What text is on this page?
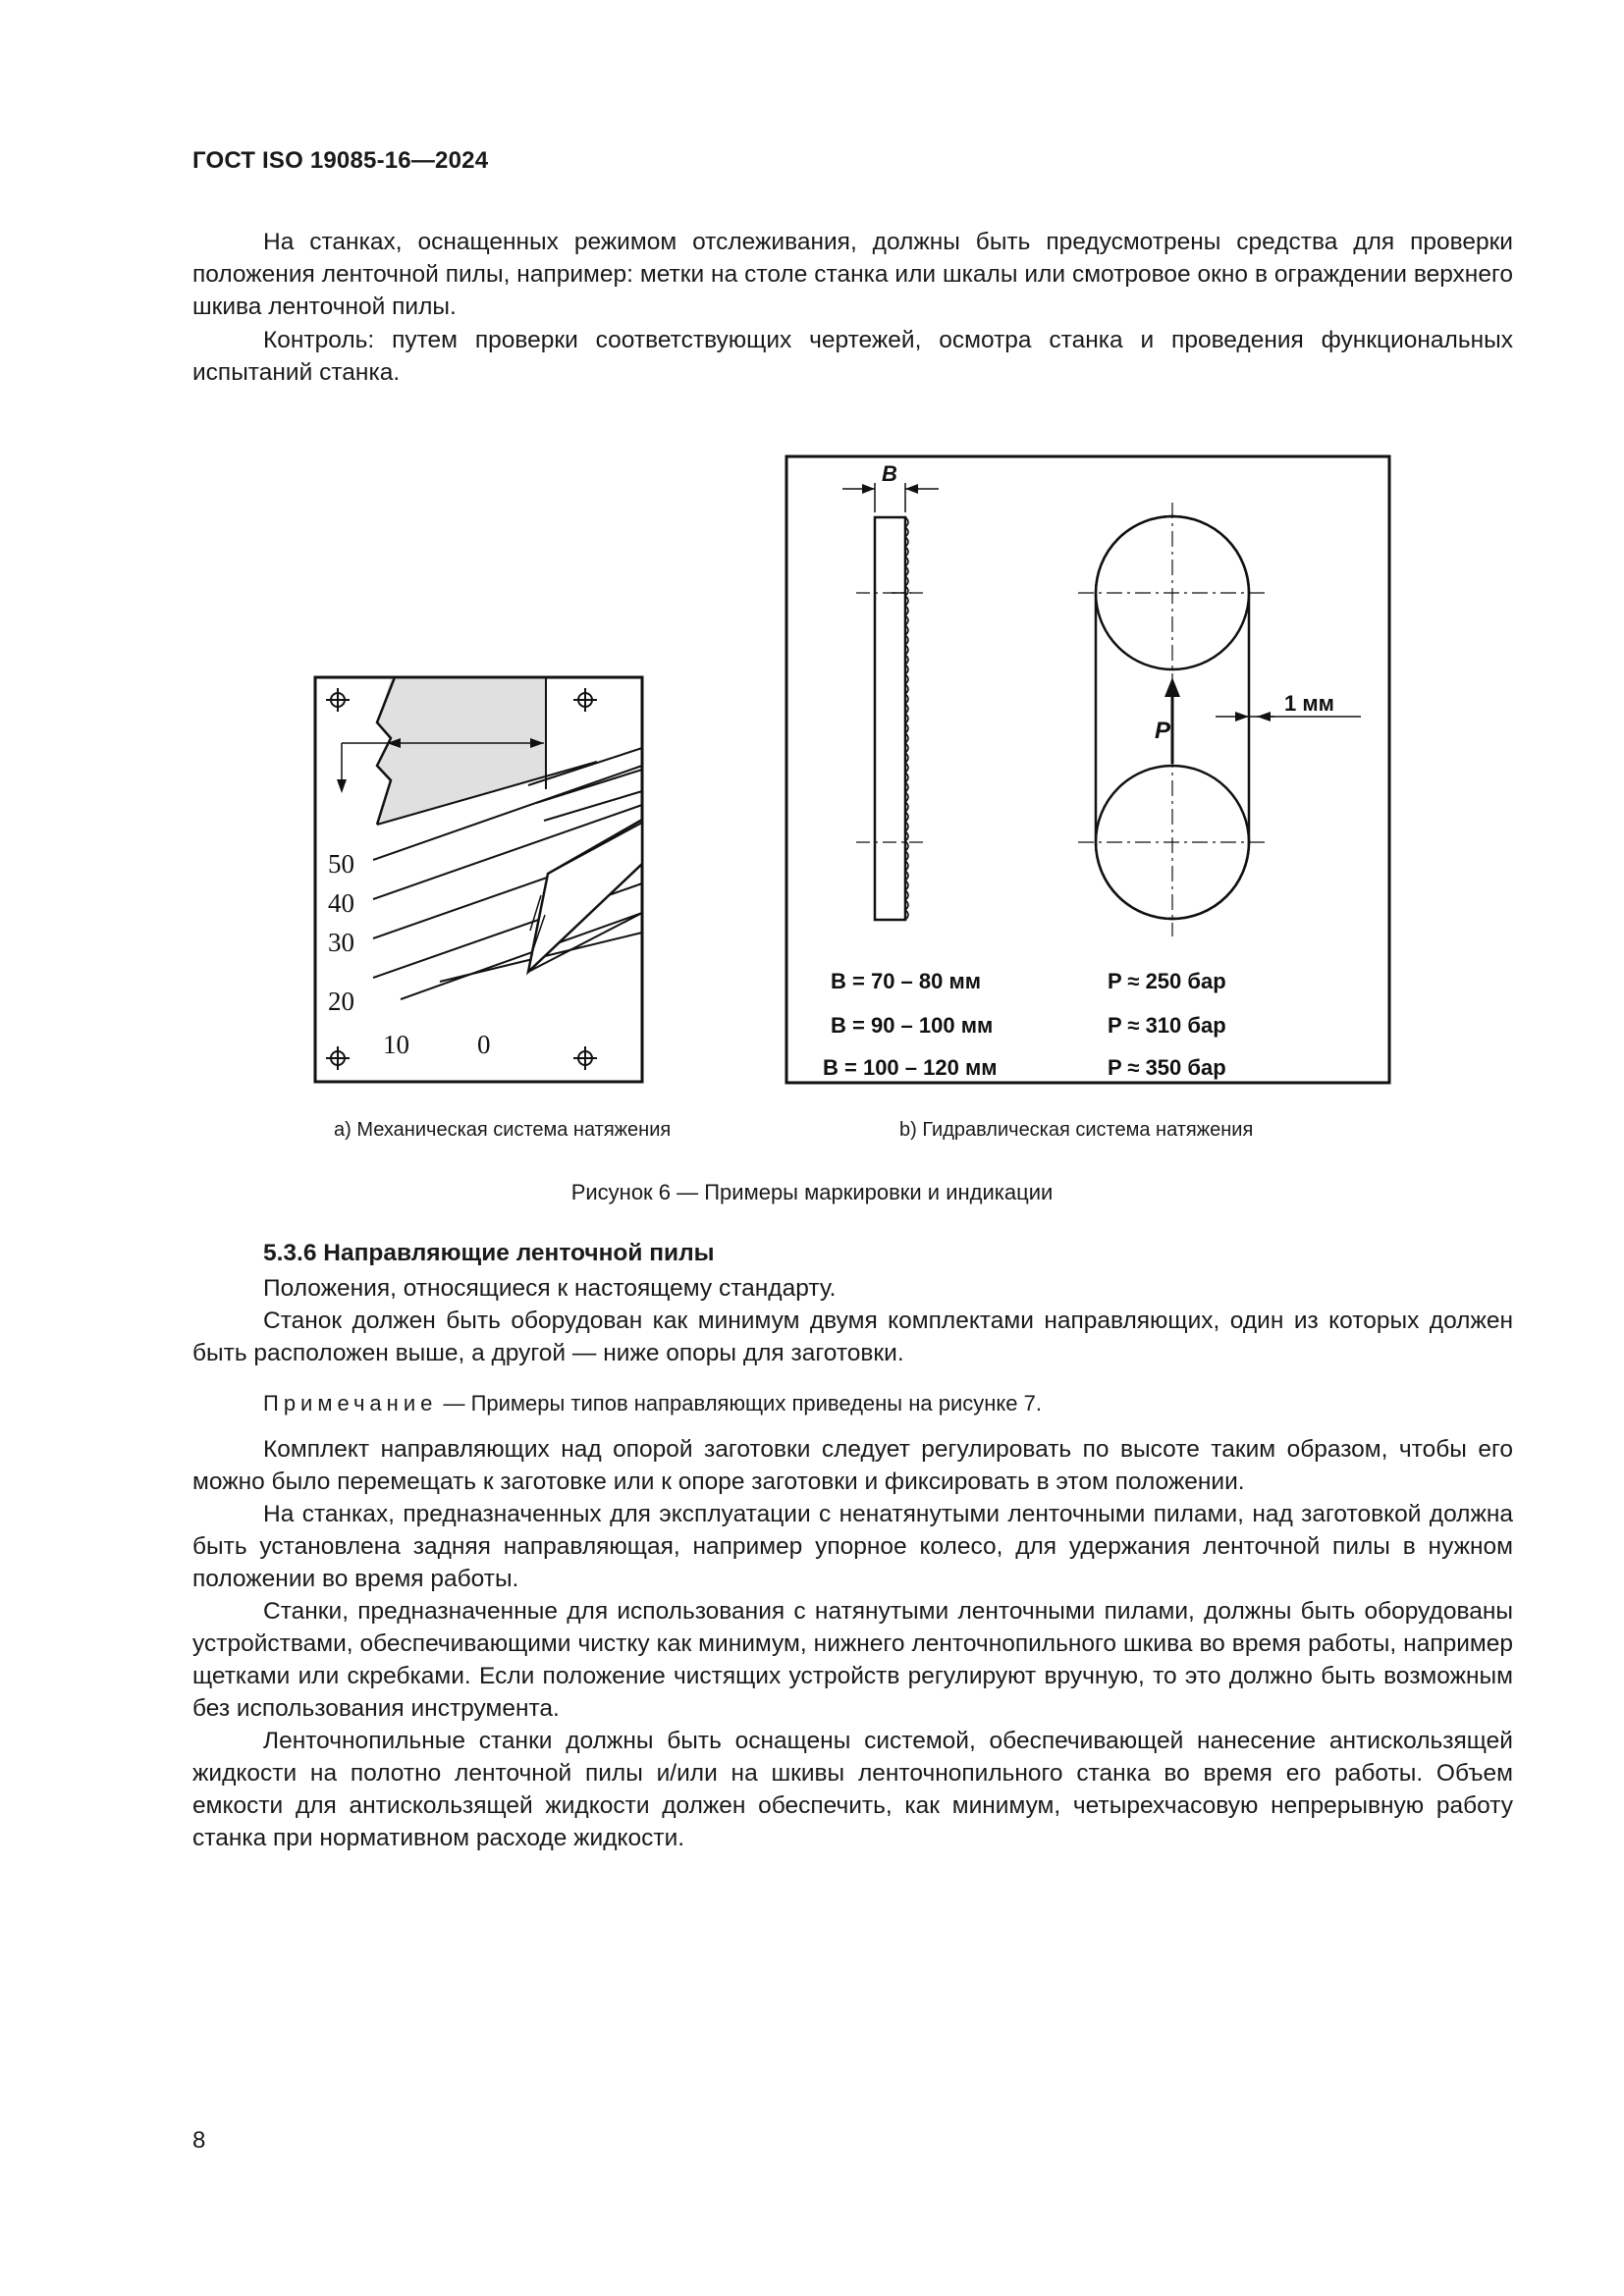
ГОСТ ISO 19085-16—2024

На станках, оснащенных режимом отслеживания, должны быть предусмотрены средства для проверки положения ленточной пилы, например: метки на столе станка или шкалы или смотровое окно в ограждении верхнего шкива ленточной пилы.

Контроль: путем проверки соответствующих чертежей, осмотра станка и проведения функциональных испытаний станка.

50
40
30
20
10	0
B
P
1 мм
B = 70 – 80 мм
B = 90 – 100 мм
B = 100 – 120 мм
P ≈ 250 бар
P ≈ 310 бар
P ≈ 350 бар
а) Механическая система натяжения	b) Гидравлическая система натяжения
Рисунок 6 — Примеры маркировки и индикации
5.3.6 Направляющие ленточной пилы

Положения, относящиеся к настоящему стандарту.

Станок должен быть оборудован как минимум двумя комплектами направляющих, один из которых должен быть расположен выше, а другой — ниже опоры для заготовки.

Примечание — Примеры типов направляющих приведены на рисунке 7.

Комплект направляющих над опорой заготовки следует регулировать по высоте таким образом, чтобы его можно было перемещать к заготовке или к опоре заготовки и фиксировать в этом положении.

На станках, предназначенных для эксплуатации с ненатянутыми ленточными пилами, над заготовкой должна быть установлена задняя направляющая, например упорное колесо, для удержания ленточной пилы в нужном положении во время работы.

Станки, предназначенные для использования с натянутыми ленточными пилами, должны быть оборудованы устройствами, обеспечивающими чистку как минимум, нижнего ленточнопильного шкива во время работы, например щетками или скребками. Если положение чистящих устройств регулируют вручную, то это должно быть возможным без использования инструмента.

Ленточнопильные станки должны быть оснащены системой, обеспечивающей нанесение антискользящей жидкости на полотно ленточной пилы и/или на шкивы ленточнопильного станка во время его работы. Объем емкости для антискользящей жидкости должен обеспечить, как минимум, четырехчасовую непрерывную работу станка при нормативном расходе жидкости.

8
